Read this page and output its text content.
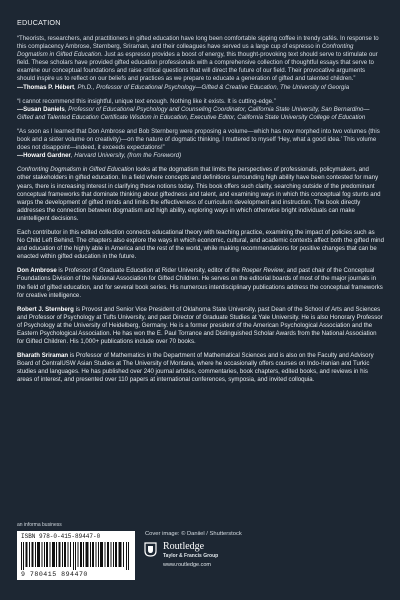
EDUCATION
“Theorists, researchers, and practitioners in gifted education have long been comfortable sipping coffee in trendy cafés. In response to this complacency Ambrose, Sternberg, Sriraman, and their colleagues have served us a large cup of espresso in Confronting Dogmatism in Gifted Education. Just as espresso provides a boost of energy, this thought-provoking text should serve to stimulate our field. These scholars have provided gifted education professionals with a comprehensive collection of thoughtful essays that serve to examine our conceptual foundations and raise critical questions that will direct the future of our field. Their provocative arguments should inspire us to reflect on our beliefs and practices as we prepare to educate a generation of gifted and talented children.”
—Thomas P. Hébert, Ph.D., Professor of Educational Psychology—Gifted & Creative Education, The University of Georgia
“I cannot recommend this insightful, unique text enough. Nothing like it exists. It is cutting-edge.”
—Susan Daniels, Professor of Educational Psychology and Counseling Coordinator, California State University, San Bernardino—Gifted and Talented Education Certificate Wisdom in Education, Executive Editor, California State University College of Education
“As soon as I learned that Don Ambrose and Bob Sternberg were proposing a volume—which has now morphed into two volumes (this book and a sister volume on creativity)—on the nature of dogmatic thinking, I muttered to myself ‘Hey, what a good idea.’ This volume does not disappoint—indeed, it exceeds expectations!”
—Howard Gardner, Harvard University, (from the Foreword)
Confronting Dogmatism in Gifted Education looks at the dogmatism that limits the perspectives of professionals, policymakers, and other stakeholders in gifted education. In a field where concepts and definitions surrounding high ability have been contested for many years, there is increasing interest in clarifying these notions today. This book offers such clarity, searching outside of the predominant conceptual frameworks that dominate thinking about giftedness and talent, and examining ways in which this conceptual fog stunts and warps the development of gifted minds and limits the effectiveness of curriculum development and instruction. The book directly addresses the connection between dogmatism and high ability, exploring ways in which otherwise bright individuals can make unintelligent decisions.
Each contributor in this edited collection connects educational theory with teaching practice, examining the impact of policies such as No Child Left Behind. The chapters also explore the ways in which economic, cultural, and academic contexts affect both the gifted mind and education of the highly able in America and the rest of the world, while making recommendations for positive changes that can be enacted within gifted education in the future.
Don Ambrose is Professor of Graduate Education at Rider University, editor of the Roeper Review, and past chair of the Conceptual Foundations Division of the National Association for Gifted Children. He serves on the editorial boards of most of the major journals in the field of gifted education, and for several book series. His numerous interdisciplinary publications address the conceptual frameworks for creative intelligence.
Robert J. Sternberg is Provost and Senior Vice President of Oklahoma State University, past Dean of the School of Arts and Sciences and Professor of Psychology at Tufts University, and past Director of Graduate Studies at Yale University. He is also Honorary Professor of Psychology at the University of Heidelberg, Germany. He is a former president of the American Psychological Association and the Eastern Psychological Association. He has won the E. Paul Torrance and Distinguished Scholar Awards from the National Association for Gifted Children. His 1,000+ publications include over 70 books.
Bharath Sriraman is Professor of Mathematics in the Department of Mathematical Sciences and is also on the Faculty and Advisory Board of CentralUSW Asian Studies at The University of Montana, where he occasionally offers courses on Indo-Iranian and Turkic studies and languages. He has published over 240 journal articles, commentaries, book chapters, edited books, and reviews in his areas of interest, and presented over 110 papers at international conferences, symposia, and invited colloquia.
an informa business
ISBN 978-0-415-89447-0
9 780415 894470
Cover image: © Daniiel / Shutterstock
Routledge
Taylor & Francis Group
www.routledge.com
